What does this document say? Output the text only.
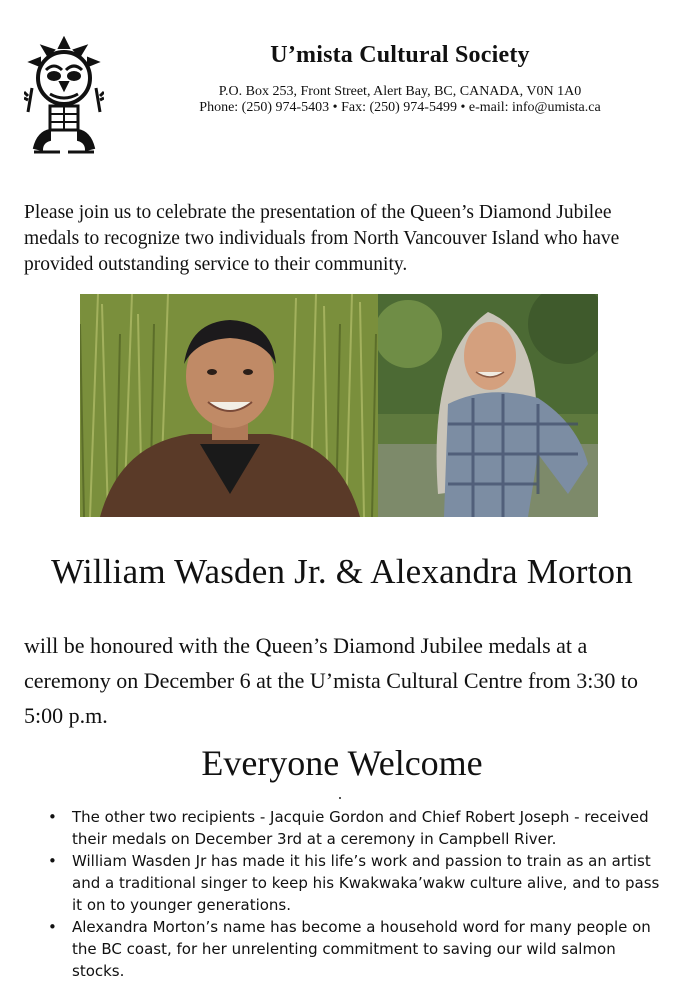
U’mista Cultural Society
P.O. Box 253, Front Street, Alert Bay, BC, CANADA, V0N 1A0
Phone: (250) 974-5403 • Fax: (250) 974-5499 • e-mail: info@umista.ca
Please join us to celebrate the presentation of the Queen’s Diamond Jubilee medals to recognize two individuals from North Vancouver Island who have provided outstanding service to their community.
William Wasden Jr. & Alexandra Morton
will be honoured with the Queen’s Diamond Jubilee medals at a ceremony on December 6 at the U’mista Cultural Centre from 3:30 to 5:00 p.m.
Everyone Welcome
• The other two recipients - Jacquie Gordon and Chief Robert Joseph - received their medals on December 3rd at a ceremony in Campbell River.
• William Wasden Jr has made it his life’s work and passion to train as an artist and a traditional singer to keep his Kwakwaka’wakw culture alive, and to pass it on to younger generations.
• Alexandra Morton’s name has become a household word for many people on the BC coast, for her unrelenting commitment to saving our wild salmon stocks.
